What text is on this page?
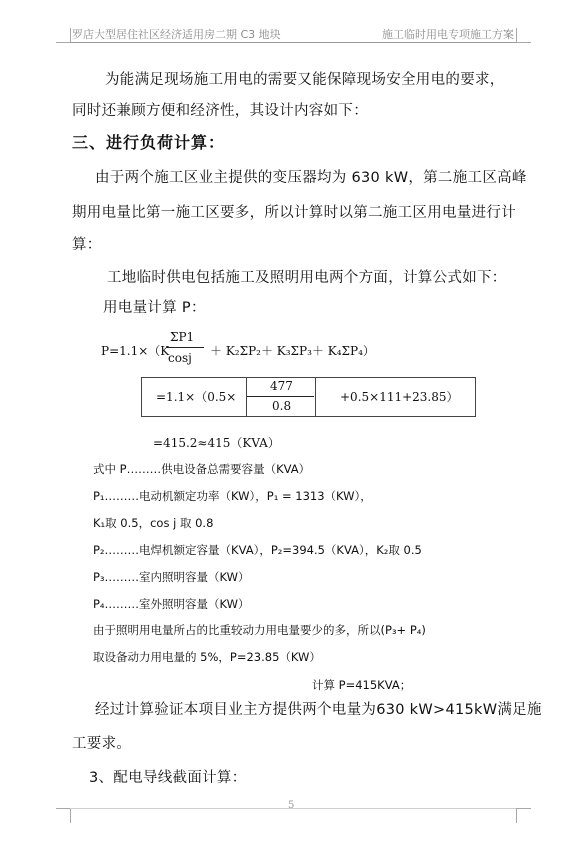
罗店大型居住社区经济适用房二期 C3 地块	施工临时用电专项施工方案
为能满足现场施工用电的需要又能保障现场安全用电的要求，
同时还兼顾方便和经济性，其设计内容如下：
三、进行负荷计算：
由于两个施工区业主提供的变压器均为 630 kW，第二施工区高峰
期用电量比第一施工区要多，所以计算时以第二施工区用电量进行计
算：
工地临时供电包括施工及照明用电两个方面，计算公式如下：
用电量计算 P：
P=1.1×（K
ΣP1
cosj ＋ K₂ΣP₂＋ K₃ΣP₃＋ K₄ΣP₄）
=1.1×（0.5×
477
0.8
+0.5×111+23.85）
=415.2≈415（KVA）
式中 P………供电设备总需要容量（KVA）
P₁………电动机额定功率（KW），P₁ = 1313（KW），
K₁取 0.5，cos j 取 0.8
P₂………电焊机额定容量（KVA），P₂=394.5（KVA），K₂取 0.5
P₃………室内照明容量（KW）
P₄………室外照明容量（KW）
由于照明用电量所占的比重较动力用电量要少的多，所以(P₃+ P₄)
取设备动力用电量的 5%，P=23.85（KW）
计算 P=415KVA；
经过计算验证本项目业主方提供两个电量为630 kW>415kW满足施
工要求。
3、配电导线截面计算：
5
